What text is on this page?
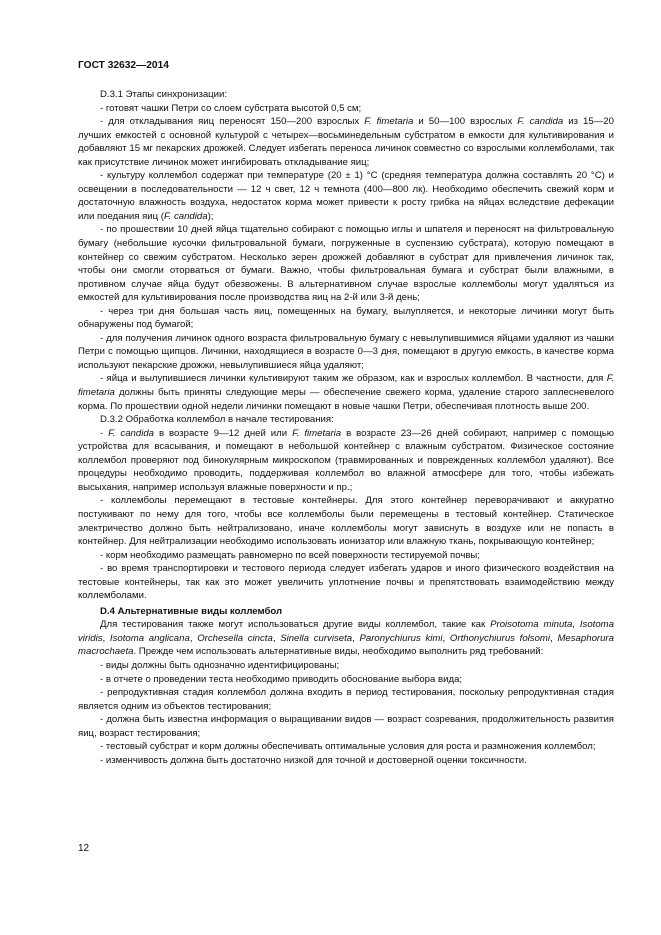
ГОСТ 32632—2014

D.3.1 Этапы синхронизации:

- готовят чашки Петри со слоем субстрата высотой 0,5 см;

- для откладывания яиц переносят 150—200 взрослых F. fimetaria и 50—100 взрослых F. candida из 15—20 лучших емкостей с основной культурой с четырех—восьминедельным субстратом в емкости для культивирования и добавляют 15 мг пекарских дрожжей. Следует избегать переноса личинок совместно со взрослыми коллемболами, так как присутствие личинок может ингибировать откладывание яиц;

- культуру коллембол содержат при температуре (20 ± 1) °С (средняя температура должна составлять 20 °С) и освещении в последовательности — 12 ч свет, 12 ч темнота (400—800 лк). Необходимо обеспечить свежий корм и достаточную влажность воздуха, недостаток корма может привести к росту грибка на яйцах вследствие дефекации или поедания яиц (F. candida);

- по прошествии 10 дней яйца тщательно собирают с помощью иглы и шпателя и переносят на фильтровальную бумагу (небольшие кусочки фильтровальной бумаги, погруженные в суспензию субстрата), которую помещают в контейнер со свежим субстратом. Несколько зерен дрожжей добавляют в субстрат для привлечения личинок так, чтобы они смогли оторваться от бумаги. Важно, чтобы фильтровальная бумага и субстрат были влажными, в противном случае яйца будут обезвожены. В альтернативном случае взрослые коллемболы могут удаляться из емкостей для культивирования после производства яиц на 2-й или 3-й день;

- через три дня большая часть яиц, помещенных на бумагу, вылупляется, и некоторые личинки могут быть обнаружены под бумагой;

- для получения личинок одного возраста фильтровальную бумагу с невылупившимися яйцами удаляют из чашки Петри с помощью щипцов. Личинки, находящиеся в возрасте 0—3 дня, помещают в другую емкость, в качестве корма используют пекарские дрожжи, невылупившиеся яйца удаляют;

- яйца и вылупившиеся личинки культивируют таким же образом, как и взрослых коллембол. В частности, для F. fimetaria должны быть приняты следующие меры — обеспечение свежего корма, удаление старого заплесневелого корма. По прошествии одной недели личинки помещают в новые чашки Петри, обеспечивая плотность выше 200.

D.3.2 Обработка коллембол в начале тестирования:

- F. candida в возрасте 9—12 дней или F. fimetaria в возрасте 23—26 дней собирают, например с помощью устройства для всасывания, и помещают в небольшой контейнер с влажным субстратом. Физическое состояние коллембол проверяют под бинокулярным микроскопом (травмированных и поврежденных коллембол удаляют). Все процедуры необходимо проводить, поддерживая коллембол во влажной атмосфере для того, чтобы избежать высыхания, например используя влажные поверхности и пр.;

- коллемболы перемещают в тестовые контейнеры. Для этого контейнер переворачивают и аккуратно постукивают по нему для того, чтобы все коллемболы были перемещены в тестовый контейнер. Статическое электричество должно быть нейтрализовано, иначе коллемболы могут зависнуть в воздухе или не попасть в контейнер. Для нейтрализации необходимо использовать ионизатор или влажную ткань, покрывающую контейнер;

- корм необходимо размещать равномерно по всей поверхности тестируемой почвы;

- во время транспортировки и тестового периода следует избегать ударов и иного физического воздействия на тестовые контейнеры, так как это может увеличить уплотнение почвы и препятствовать взаимодействию между коллемболами.

D.4 Альтернативные виды коллембол

Для тестирования также могут использоваться другие виды коллембол, такие как Proisotoma minuta, Isotoma viridis, Isotoma anglicana, Orchesella cincta, Sinella curviseta, Paronychiurus kimi, Orthonychiurus folsomi, Mesaphorura macrochaeta. Прежде чем использовать альтернативные виды, необходимо выполнить ряд требований:

- виды должны быть однозначно идентифицированы;

- в отчете о проведении теста необходимо приводить обоснование выбора вида;

- репродуктивная стадия коллембол должна входить в период тестирования, поскольку репродуктивная стадия является одним из объектов тестирования;

- должна быть известна информация о выращивании видов — возраст созревания, продолжительность развития яиц, возраст тестирования;

- тестовый субстрат и корм должны обеспечивать оптимальные условия для роста и размножения коллембол;

- изменчивость должна быть достаточно низкой для точной и достоверной оценки токсичности.

12
